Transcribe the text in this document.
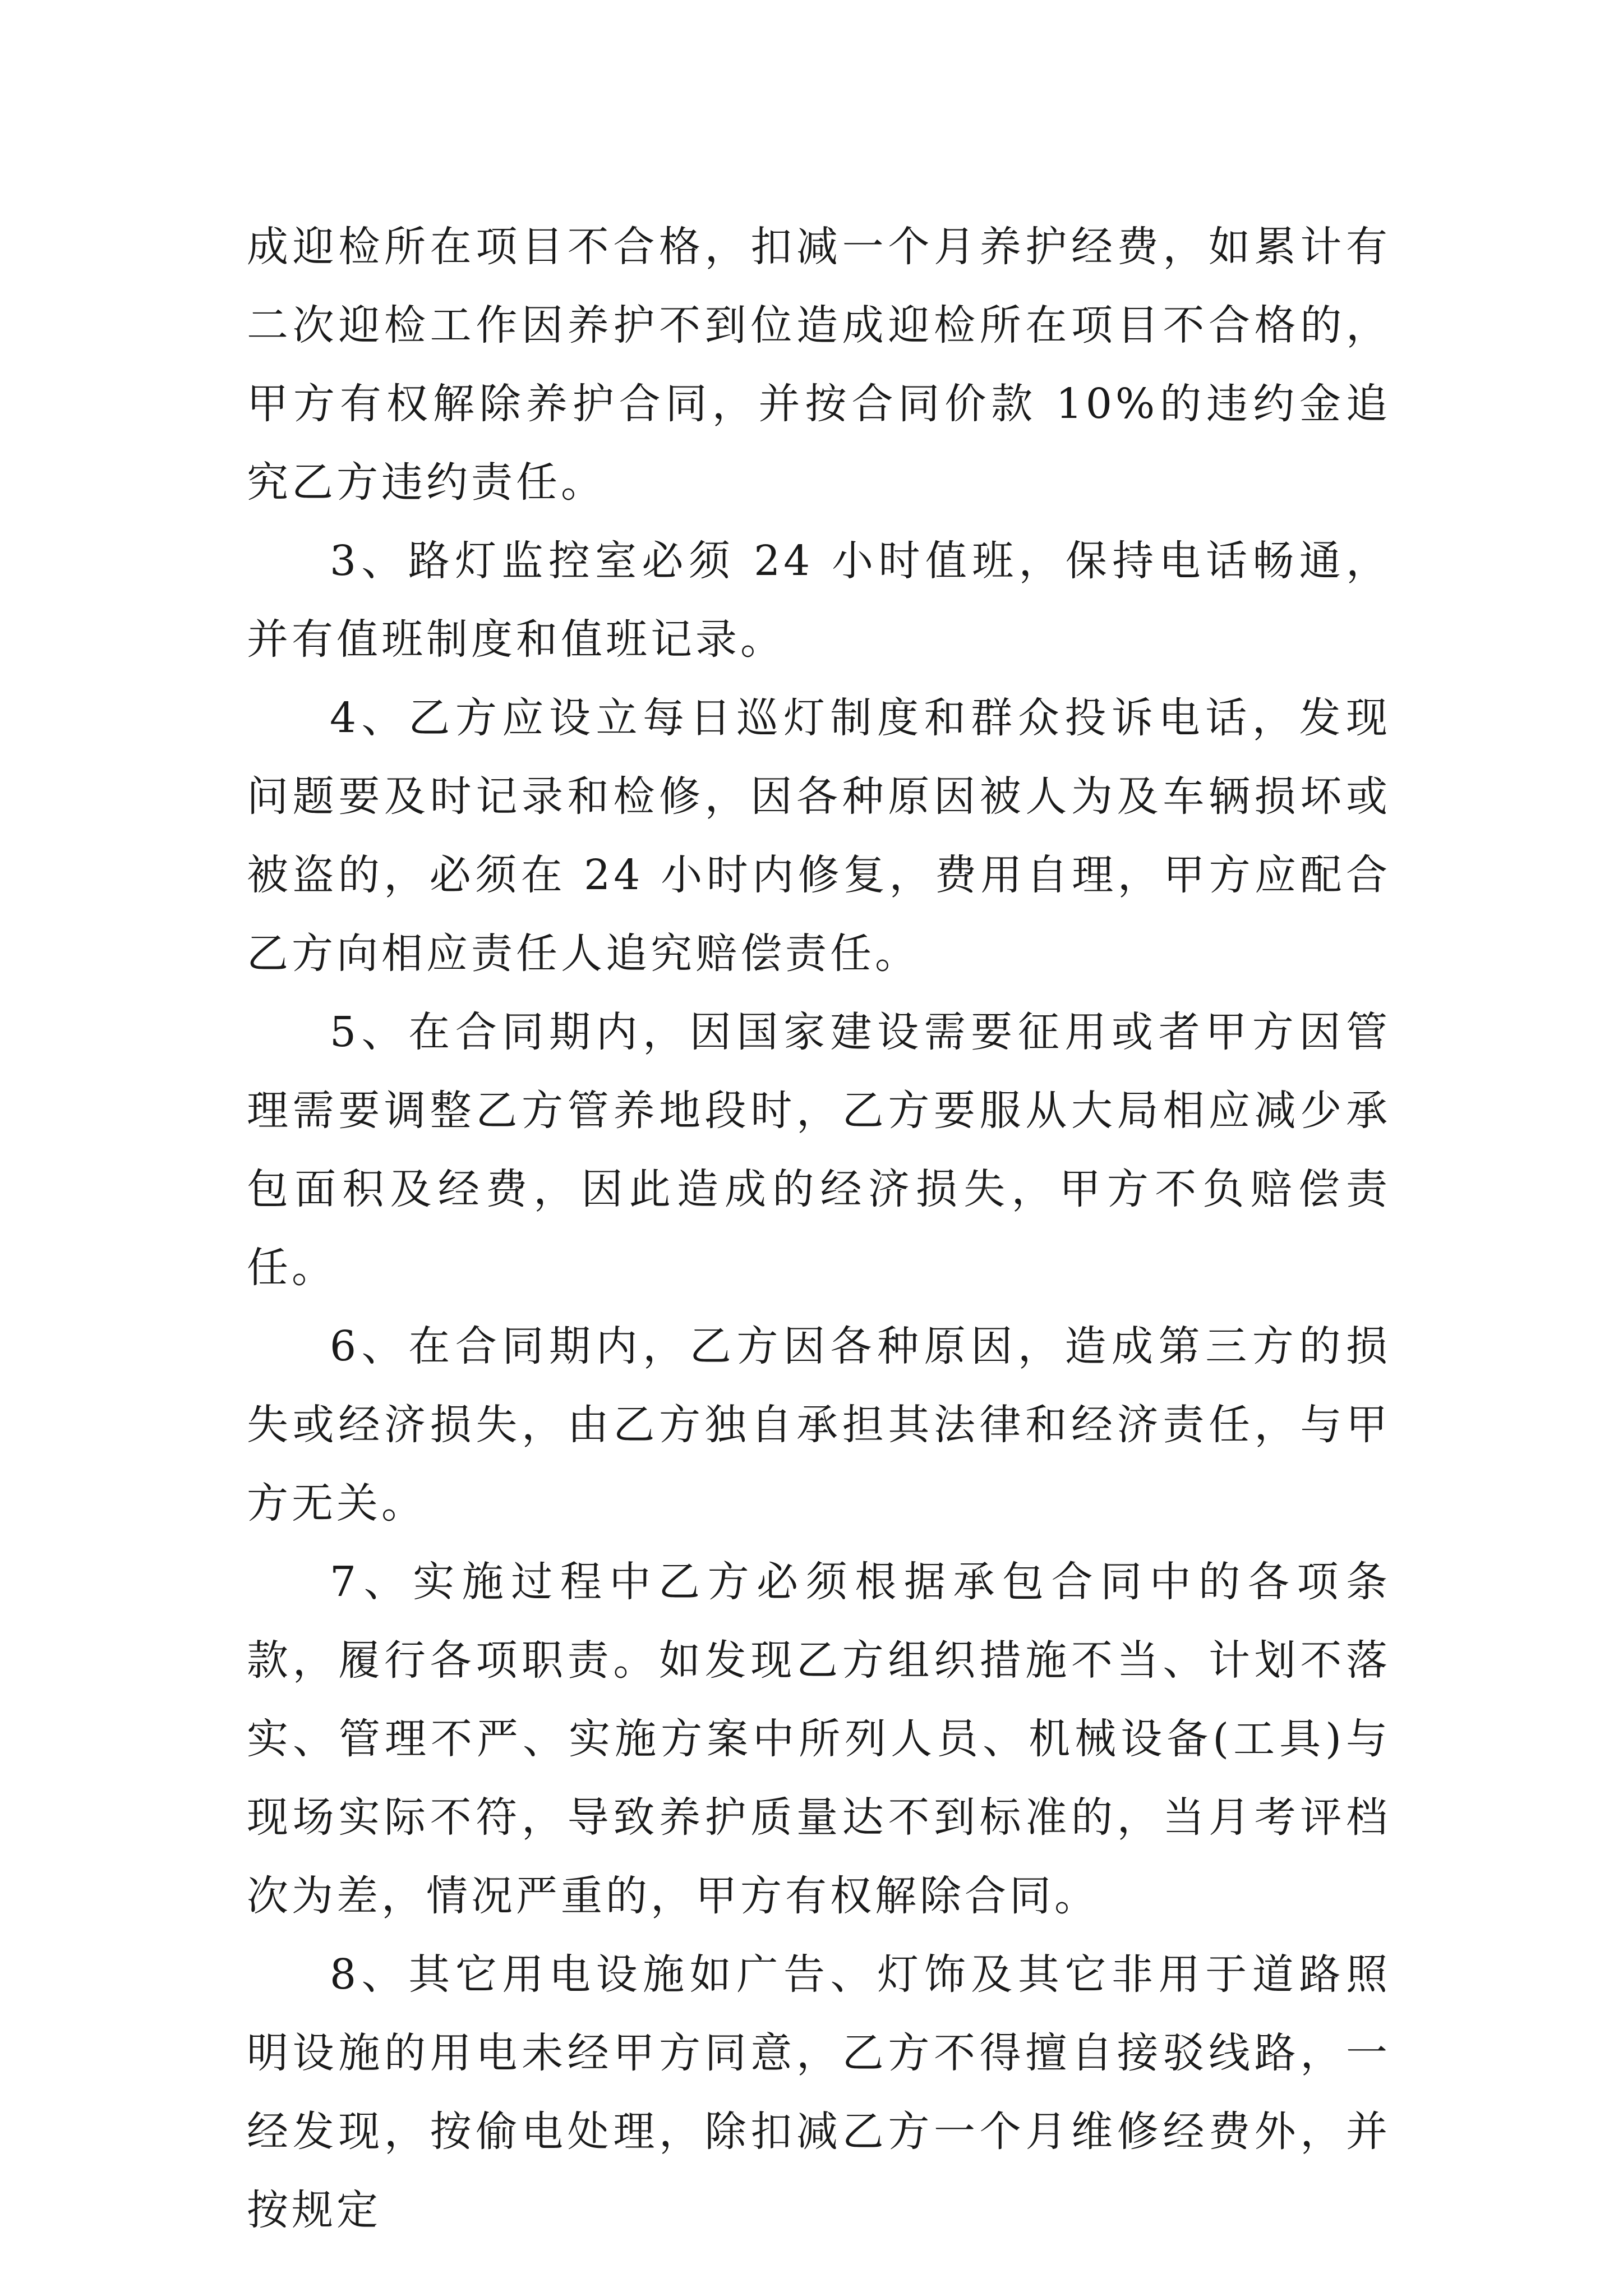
成迎检所在项目不合格，扣减一个月养护经费，如累计有二次迎检工作因养护不到位造成迎检所在项目不合格的，甲方有权解除养护合同，并按合同价款 10%的违约金追究乙方违约责任。

3、路灯监控室必须 24 小时值班，保持电话畅通，并有值班制度和值班记录。

4、乙方应设立每日巡灯制度和群众投诉电话，发现问题要及时记录和检修，因各种原因被人为及车辆损坏或被盗的，必须在 24 小时内修复，费用自理，甲方应配合乙方向相应责任人追究赔偿责任。

5、在合同期内，因国家建设需要征用或者甲方因管理需要调整乙方管养地段时，乙方要服从大局相应减少承包面积及经费，因此造成的经济损失，甲方不负赔偿责任。

6、在合同期内，乙方因各种原因，造成第三方的损失或经济损失，由乙方独自承担其法律和经济责任，与甲方无关。

7、实施过程中乙方必须根据承包合同中的各项条款，履行各项职责。如发现乙方组织措施不当、计划不落实、管理不严、实施方案中所列人员、机械设备(工具)与现场实际不符，导致养护质量达不到标准的，当月考评档次为差，情况严重的，甲方有权解除合同。

8、其它用电设施如广告、灯饰及其它非用于道路照明设施的用电未经甲方同意，乙方不得擅自接驳线路，一经发现，按偷电处理，除扣减乙方一个月维修经费外，并按规定
